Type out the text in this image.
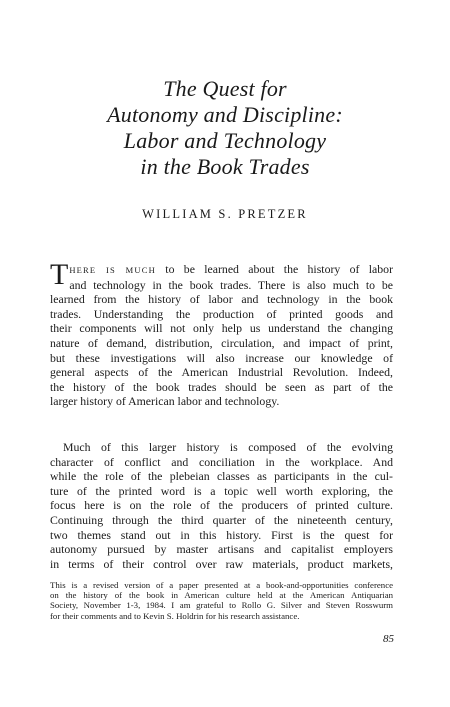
The Quest for
Autonomy and Discipline:
Labor and Technology
in the Book Trades
WILLIAM S. PRETZER
T HERE IS MUCH to be learned about the history of labor
and technology in the book trades. There is also much to be
learned from the history of labor and technology in the book
trades. Understanding the production of printed goods and
their components will not only help us understand the changing
nature of demand, distribution, circulation, and impact of print,
but these investigations will also increase our knowledge of
general aspects of the American Industrial Revolution. Indeed,
the history of the book trades should be seen as part of the
larger history of American labor and technology.
Much of this larger history is composed of the evolving
character of conflict and conciliation in the workplace. And
while the role of the plebeian classes as participants in the cul-
ture of the printed word is a topic well worth exploring, the
focus here is on the role of the producers of printed culture.
Continuing through the third quarter of the nineteenth century,
two themes stand out in this history. First is the quest for
autonomy pursued by master artisans and capitalist employers
in terms of their control over raw materials, product markets,
This is a revised version of a paper presented at a book-and-opportunities conference
on the history of the book in American culture held at the American Antiquarian
Society, November 1-3, 1984. I am grateful to Rollo G. Silver and Steven Rosswurm
for their comments and to Kevin S. Holdrin for his research assistance.
85
